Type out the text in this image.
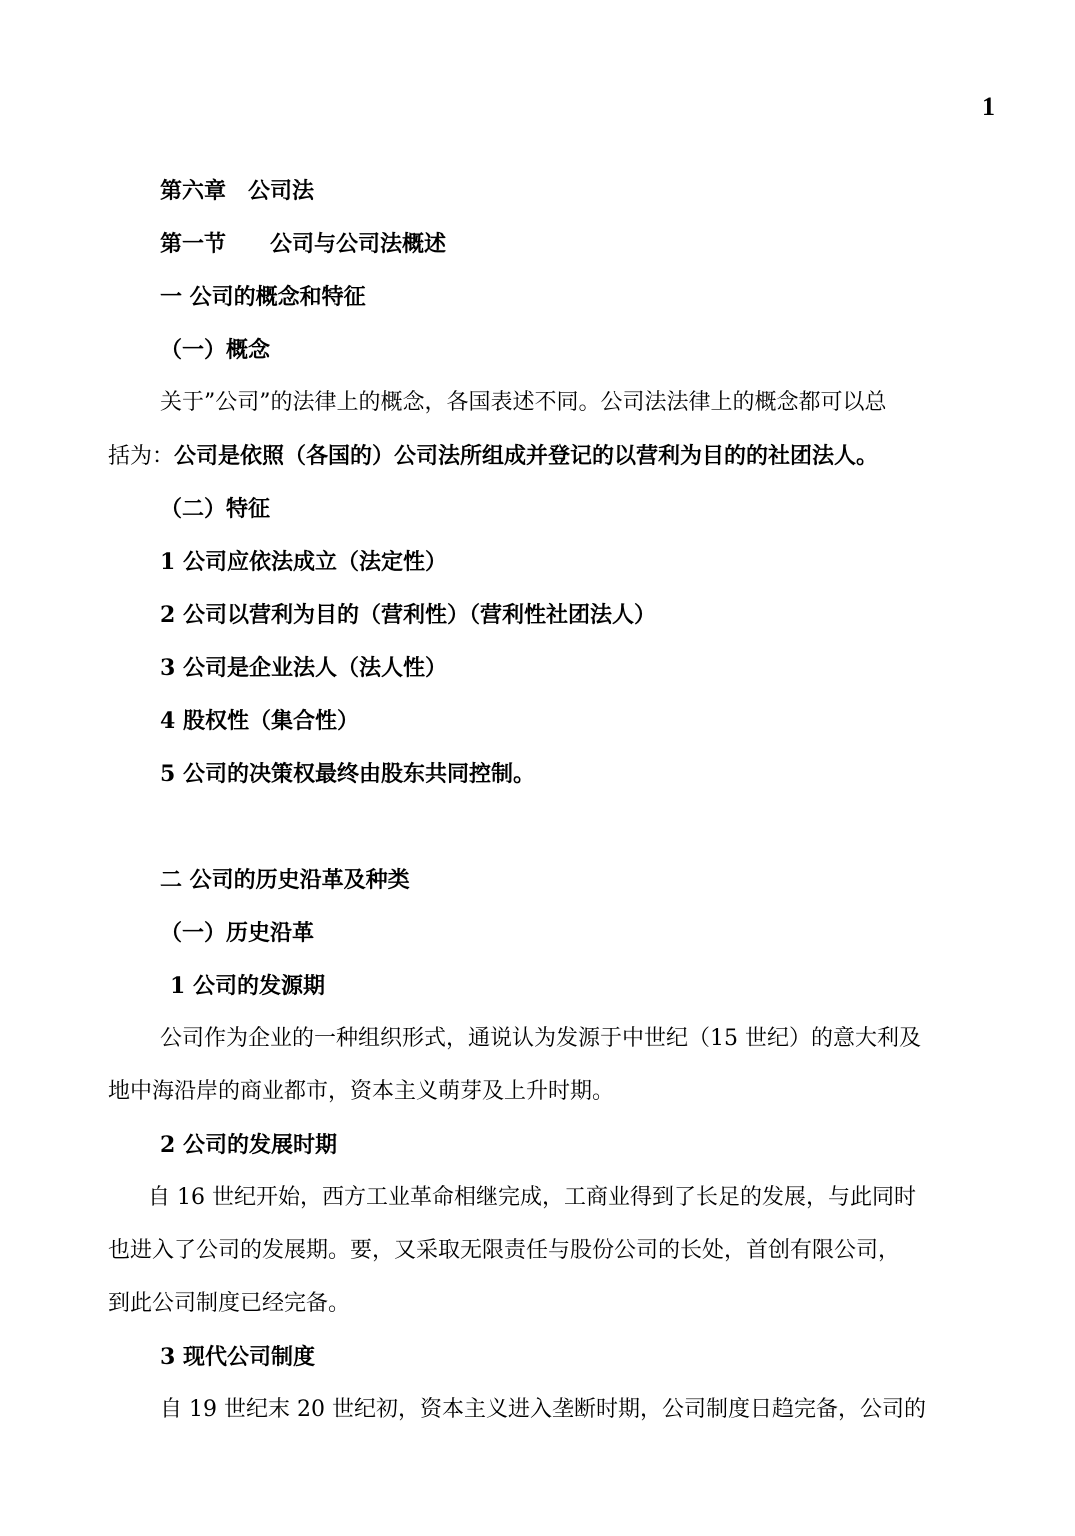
1
第六章　公司法
第一节　　公司与公司法概述
一 公司的概念和特征
（一）概念
关于”公司”的法律上的概念，各国表述不同。公司法法律上的概念都可以总
括为：公司是依照（各国的）公司法所组成并登记的以营利为目的的社团法人。
（二）特征
1 公司应依法成立（法定性）
2 公司以营利为目的（营利性）（营利性社团法人）
3 公司是企业法人（法人性）
4 股权性（集合性）
5 公司的决策权最终由股东共同控制。
二 公司的历史沿革及种类
（一）历史沿革
1 公司的发源期
公司作为企业的一种组织形式，通说认为发源于中世纪（15 世纪）的意大利及
地中海沿岸的商业都市，资本主义萌芽及上升时期。
2 公司的发展时期
自 16 世纪开始，西方工业革命相继完成，工商业得到了长足的发展，与此同时
也进入了公司的发展期。要，又采取无限责任与股份公司的长处，首创有限公司，
到此公司制度已经完备。
3 现代公司制度
自 19 世纪末 20 世纪初，资本主义进入垄断时期，公司制度日趋完备，公司的
